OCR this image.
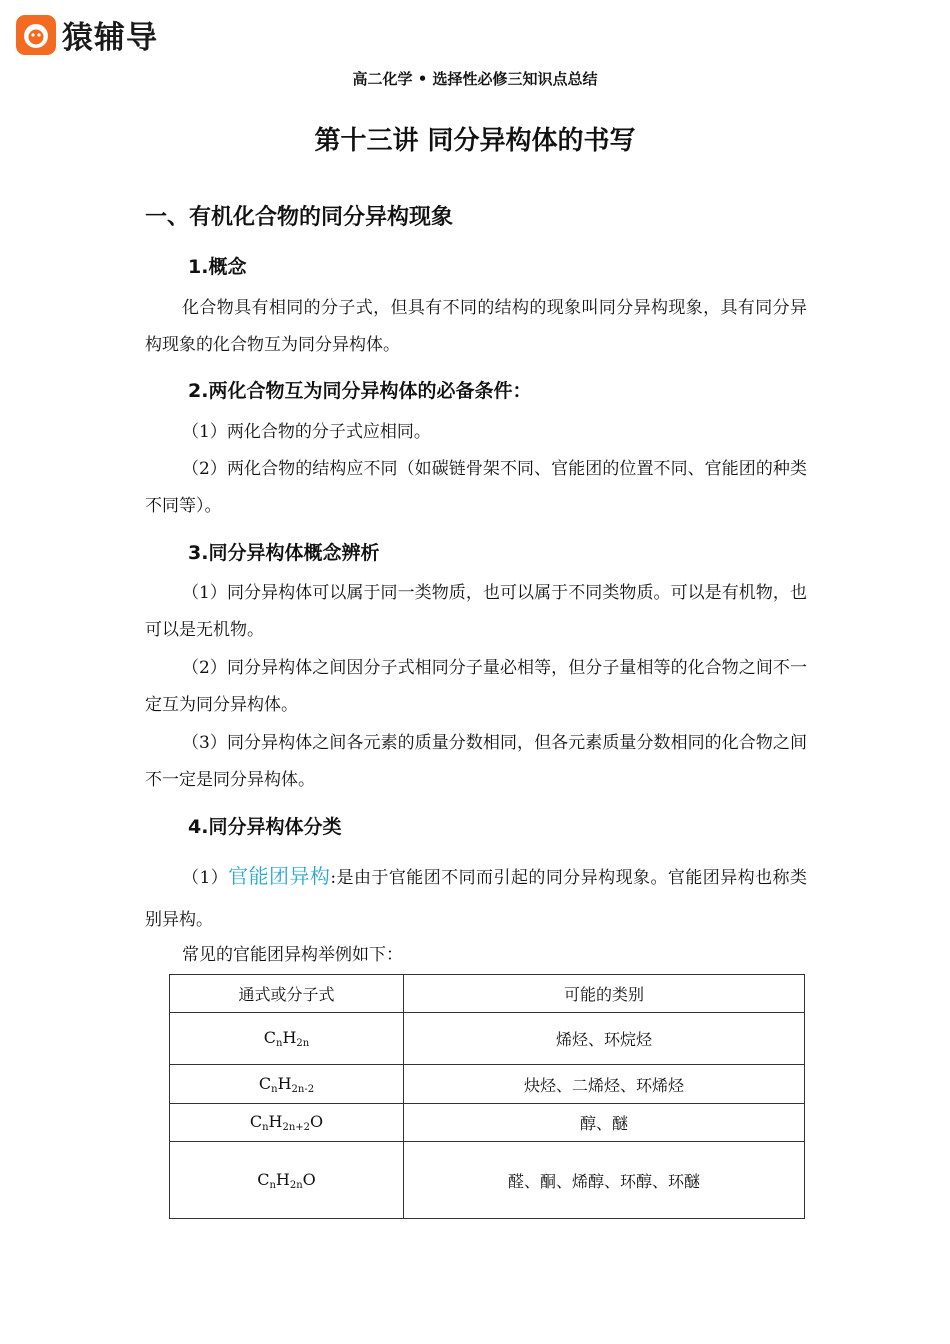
猿辅导
高二化学 • 选择性必修三知识点总结
第十三讲 同分异构体的书写
一、有机化合物的同分异构现象
1.概念
化合物具有相同的分子式，但具有不同的结构的现象叫同分异构现象，具有同分异构现象的化合物互为同分异构体。
2.两化合物互为同分异构体的必备条件：
（1）两化合物的分子式应相同。
（2）两化合物的结构应不同（如碳链骨架不同、官能团的位置不同、官能团的种类不同等）。
3.同分异构体概念辨析
（1）同分异构体可以属于同一类物质，也可以属于不同类物质。可以是有机物，也可以是无机物。
（2）同分异构体之间因分子式相同分子量必相等，但分子量相等的化合物之间不一定互为同分异构体。
（3）同分异构体之间各元素的质量分数相同，但各元素质量分数相同的化合物之间不一定是同分异构体。
4.同分异构体分类
（1）官能团异构:是由于官能团不同而引起的同分异构现象。官能团异构也称类别异构。
常见的官能团异构举例如下：
通式或分子式	可能的类别
$C_nH_{2n}$	烯烃、环烷烃
$C_nH_{2n-2}$	炔烃、二烯烃、环烯烃
$C_nH_{2n+2}O$	醇、醚
$C_nH_{2n}O$	醛、酮、烯醇、环醇、环醚
